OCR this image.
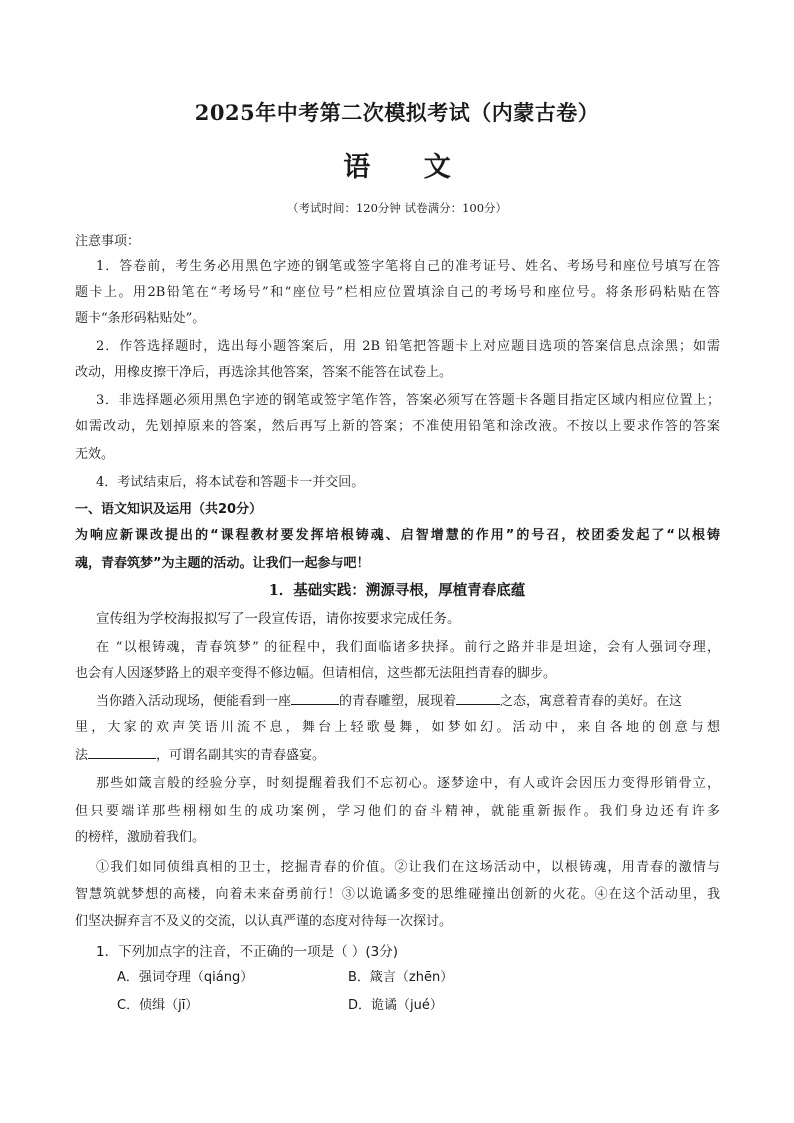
2025年中考第二次模拟考试（内蒙古卷）
语 文
（考试时间：120分钟 试卷满分：100分）
注意事项：
1．答卷前，考生务必用黑色字迹的钢笔或签字笔将自己的准考证号、姓名、考场号和座位号填写在答
题卡上。用2B铅笔在“考场号”和“座位号”栏相应位置填涂自己的考场号和座位号。将条形码粘贴在答
题卡“条形码粘贴处”。
2．作答选择题时，选出每小题答案后，用 2B 铅笔把答题卡上对应题目选项的答案信息点涂黑；如需
改动，用橡皮擦干净后，再选涂其他答案，答案不能答在试卷上。
3．非选择题必须用黑色字迹的钢笔或签字笔作答，答案必须写在答题卡各题目指定区域内相应位置上；
如需改动，先划掉原来的答案，然后再写上新的答案；不准使用铅笔和涂改液。不按以上要求作答的答案
无效。
4．考试结束后，将本试卷和答题卡一并交回。
一、语文知识及运用（共20分）
为响应新课改提出的“课程教材要发挥培根铸魂、启智增慧的作用”的号召，校团委发起了“以根铸
魂，青春筑梦”为主题的活动。让我们一起参与吧！
1．基础实践：溯源寻根，厚植青春底蕴
宣传组为学校海报拟写了一段宣传语，请你按要求完成任务。
在 “以根铸魂，青春筑梦” 的征程中，我们面临诸多抉择。前行之路并非是坦途，会有人强词夺理，
也会有人因逐梦路上的艰辛变得不修边幅。但请相信，这些都无法阻挡青春的脚步。
当你踏入活动现场，便能看到一座	的青春雕塑，展现着	之态，寓意着青春的美好。在这
里，大家的欢声笑语川流不息，舞台上轻歌曼舞，如梦如幻。活动中，来自各地的创意与想
法	，可谓名副其实的青春盛宴。
那些如箴言般的经验分享，时刻提醒着我们不忘初心。逐梦途中，有人或许会因压力变得形销骨立，
但只要端详那些栩栩如生的成功案例，学习他们的奋斗精神，就能重新振作。我们身边还有许多
的榜样，激励着我们。
①我们如同侦缉真相的卫士，挖掘青春的价值。②让我们在这场活动中，以根铸魂，用青春的激情与
智慧筑就梦想的高楼，向着未来奋勇前行！③以诡谲多变的思维碰撞出创新的火花。④在这个活动里，我
们坚决摒弃言不及义的交流，以认真严谨的态度对待每一次探讨。
1．下列加点字的注音，不正确的一项是（ ）(3分)
A．强词夺理（qiáng）	B．箴言（zhēn）
C．侦缉（jī）	D．诡谲（jué）
